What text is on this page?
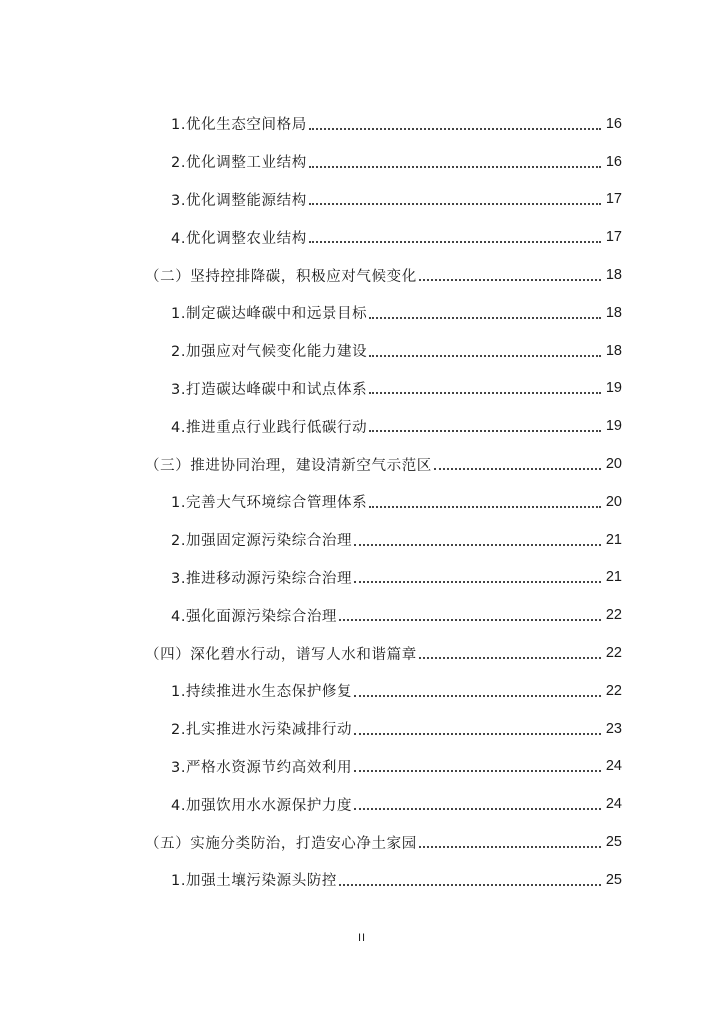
1.优化生态空间格局	16
2.优化调整工业结构	16
3.优化调整能源结构	17
4.优化调整农业结构	17
（二）坚持控排降碳，积极应对气候变化	18
1.制定碳达峰碳中和远景目标	18
2.加强应对气候变化能力建设	18
3.打造碳达峰碳中和试点体系	19
4.推进重点行业践行低碳行动	19
（三）推进协同治理，建设清新空气示范区	20
1.完善大气环境综合管理体系	20
2.加强固定源污染综合治理	21
3.推进移动源污染综合治理	21
4.强化面源污染综合治理	22
（四）深化碧水行动，谱写人水和谐篇章	22
1.持续推进水生态保护修复	22
2.扎实推进水污染减排行动	23
3.严格水资源节约高效利用	24
4.加强饮用水水源保护力度	24
（五）实施分类防治，打造安心净土家园	25
1.加强土壤污染源头防控	25
II
